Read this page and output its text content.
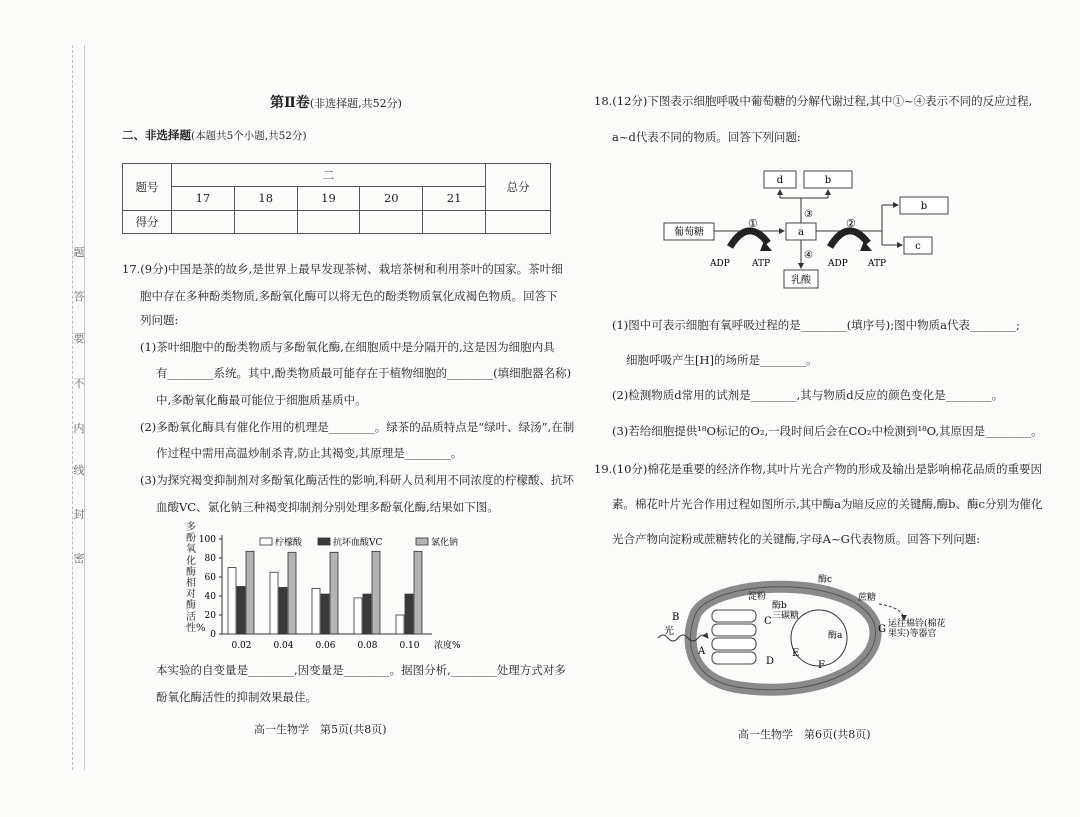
题
答
要
不
内
线
封
密
第Ⅱ卷(非选择题,共52分)
二、非选择题(本题共5个小题,共52分)
题号	二					总分
	17	18	19	20	21	
得分						
17.(9分)中国是茶的故乡,是世界上最早发现茶树、栽培茶树和利用茶叶的国家。茶叶细
胞中存在多种酚类物质,多酚氧化酶可以将无色的酚类物质氧化成褐色物质。回答下
列问题:
(1)茶叶细胞中的酚类物质与多酚氧化酶,在细胞质中是分隔开的,这是因为细胞内具
有________系统。其中,酚类物质最可能存在于植物细胞的________(填细胞器名称)
中,多酚氧化酶最可能位于细胞质基质中。
(2)多酚氧化酶具有催化作用的机理是________。绿茶的品质特点是“绿叶、绿汤”,在制
作过程中需用高温炒制杀青,防止其褐变,其原理是________。
(3)为探究褐变抑制剂对多酚氧化酶活性的影响,科研人员利用不同浓度的柠檬酸、抗坏
血酸VC、氯化钠三种褐变抑制剂分别处理多酚氧化酶,结果如下图。
多酚氧化酶相对酶活性%
0
20
40
60
80
100
0.02 0.04 0.06 0.08 0.10 浓度%
柠檬酸	抗坏血酸VC	氯化钠
本实验的自变量是________,因变量是________。据图分析,________处理方式对多
酚氧化酶活性的抑制效果最佳。
高一生物学　第5页(共8页)
18.(12分)下图表示细胞呼吸中葡萄糖的分解代谢过程,其中①~④表示不同的反应过程,
a~d代表不同的物质。回答下列问题:
葡萄糖	a
d	b
b
c
乳酸
①	②
③
④
ADP ATP	ADP ATP
(1)图中可表示细胞有氧呼吸过程的是________(填序号);图中物质a代表________;
细胞呼吸产生[H]的场所是________。
(2)检测物质d常用的试剂是________,其与物质d反应的颜色变化是________。
(3)若给细胞提供¹⁸O标记的O₂,一段时间后会在CO₂中检测到¹⁸O,其原因是________。
19.(10分)棉花是重要的经济作物,其叶片光合产物的形成及输出是影响棉花品质的重要因
素。棉花叶片光合作用过程如图所示,其中酶a为暗反应的关键酶,酶b、酶c分别为催化
光合产物向淀粉或蔗糖转化的关键酶,字母A~G代表物质。回答下列问题:
光
B
A
C
D
E
F
G
淀粉
酶b
三碳糖
酶a
酶c
蔗糖
运往棉铃(棉花
果实)等器官
高一生物学　第6页(共8页)
